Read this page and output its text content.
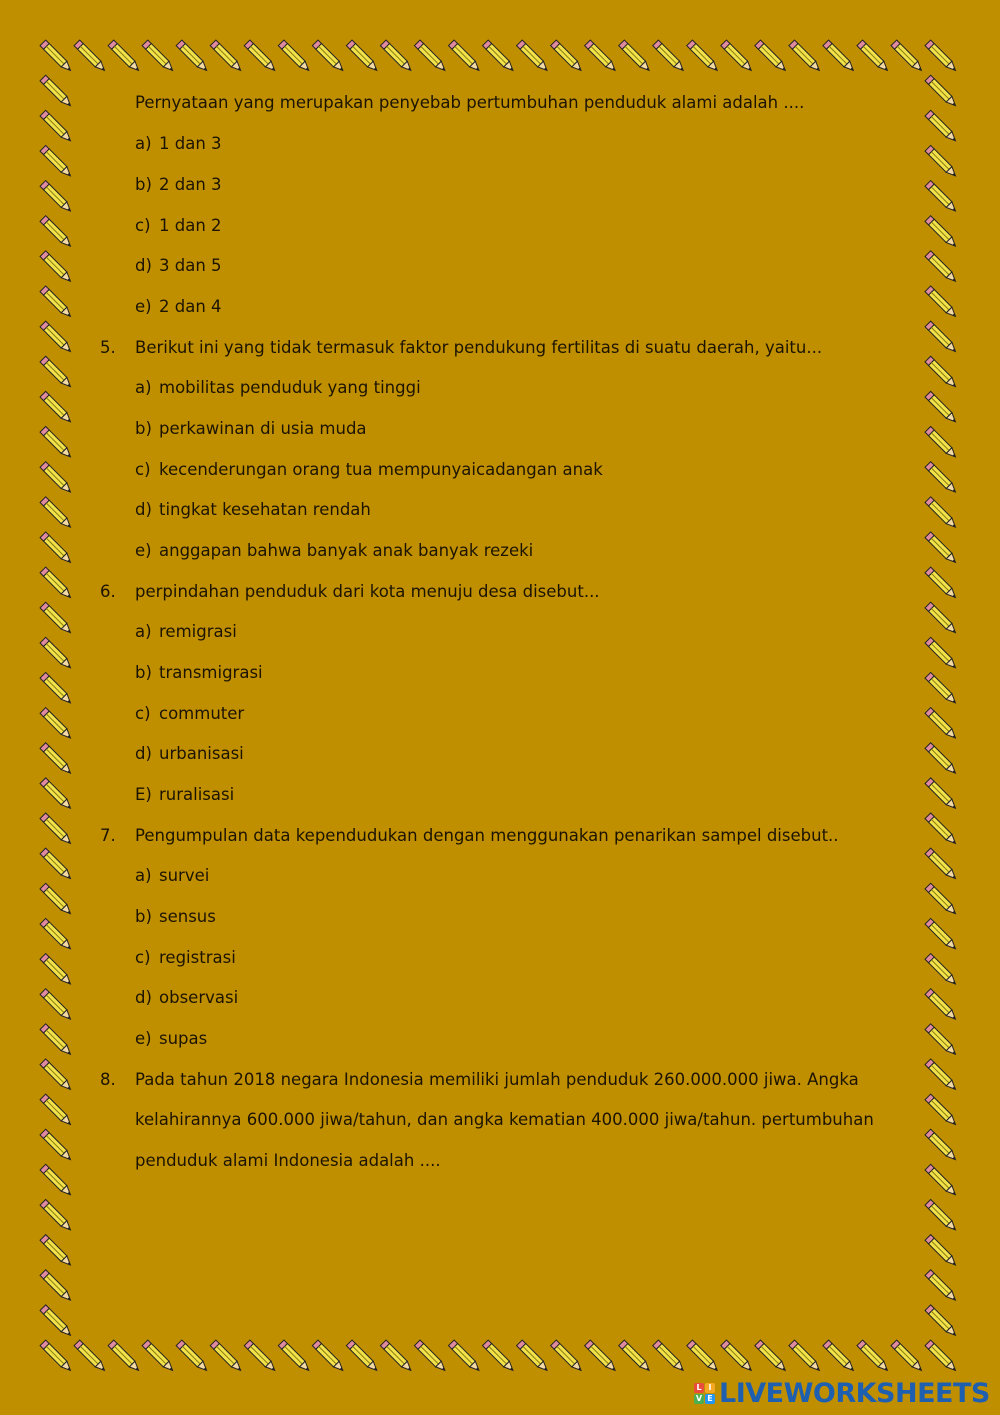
Pernyataan yang merupakan penyebab pertumbuhan penduduk alami adalah ....
a) 1 dan 3
b) 2 dan 3
c) 1 dan 2
d) 3 dan 5
e) 2 dan 4
5. Berikut ini yang tidak termasuk faktor pendukung fertilitas di suatu daerah, yaitu...
a) mobilitas penduduk yang tinggi
b) perkawinan di usia muda
c) kecenderungan orang tua mempunyaicadangan anak
d) tingkat kesehatan rendah
e) anggapan bahwa banyak anak banyak rezeki
6. perpindahan penduduk dari kota menuju desa disebut...
a) remigrasi
b) transmigrasi
c) commuter
d) urbanisasi
E) ruralisasi
7. Pengumpulan data kependudukan dengan menggunakan penarikan sampel disebut..
a) survei
b) sensus
c) registrasi
d) observasi
e) supas
8. Pada tahun 2018 negara Indonesia memiliki jumlah penduduk 260.000.000 jiwa. Angka
kelahirannya 600.000 jiwa/tahun, dan angka kematian 400.000 jiwa/tahun. pertumbuhan
penduduk alami Indonesia adalah ....
L I
V E LIVEWORKSHEETS
